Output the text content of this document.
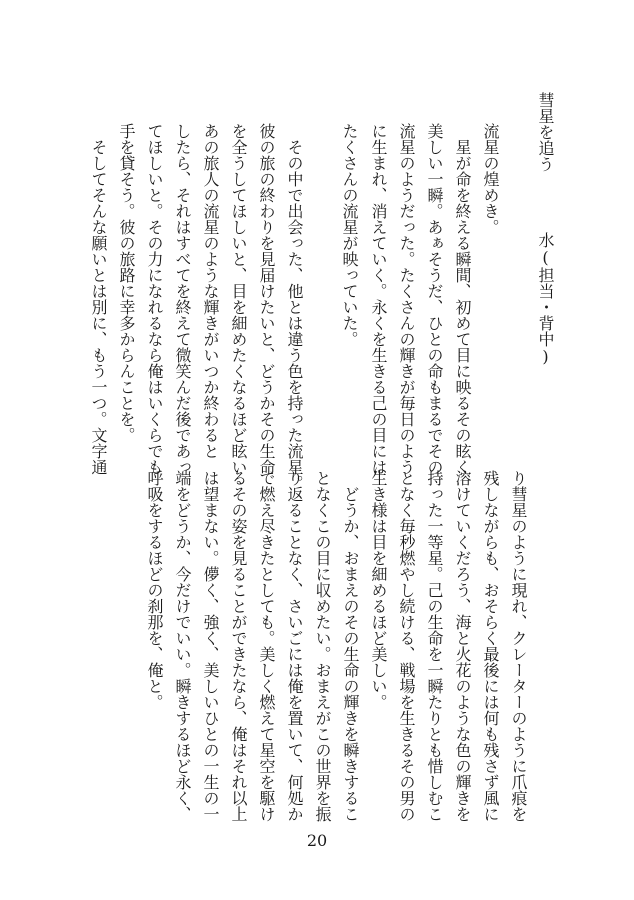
彗星を追う
水(担当・背中)
流星の煌めき。
　星が命を終える瞬間、初めて目に映るその眩く
美しい一瞬。あぁそうだ、ひとの命もまるでその
流星のようだった。たくさんの輝きが毎日のよう
に生まれ、消えていく。永くを生きる己の目には
たくさんの流星が映っていた。
　その中で出会った、他とは違う色を持った流星。
彼の旅の終わりを見届けたいと、どうかその生命
を全うしてほしいと、目を細めたくなるほど眩い
あの旅人の流星のような輝きがいつか終わると
したら、それはすべてを終えて微笑んだ後であっ
てほしいと。その力になれるなら俺はいくらでも
手を貸そう。彼の旅路に幸多からんことを。
　そしてそんな願いとは別に、もう一つ。文字通
り彗星のように現れ、クレーターのように爪痕を
残しながらも、おそらく最後には何も残さず風に
溶けていくだろう、海と火花のような色の輝きを
持った一等星。己の生命を一瞬たりとも惜しむこ
となく毎秒燃やし続ける、戦場を生きるその男の
生き様は目を細めるほど美しい。
　どうか、おまえのその生命の輝きを瞬きするこ
となくこの目に収めたい。おまえがこの世界を振
り返ることなく、さいごには俺を置いて、何処か
で燃え尽きたとしても。美しく燃えて星空を駆け
るその姿を見ることができたなら、俺はそれ以上
は望まない。儚く、強く、美しいひとの一生の一
端をどうか、今だけでいい。瞬きするほど永く、
呼吸をするほどの刹那を、俺と。
20
